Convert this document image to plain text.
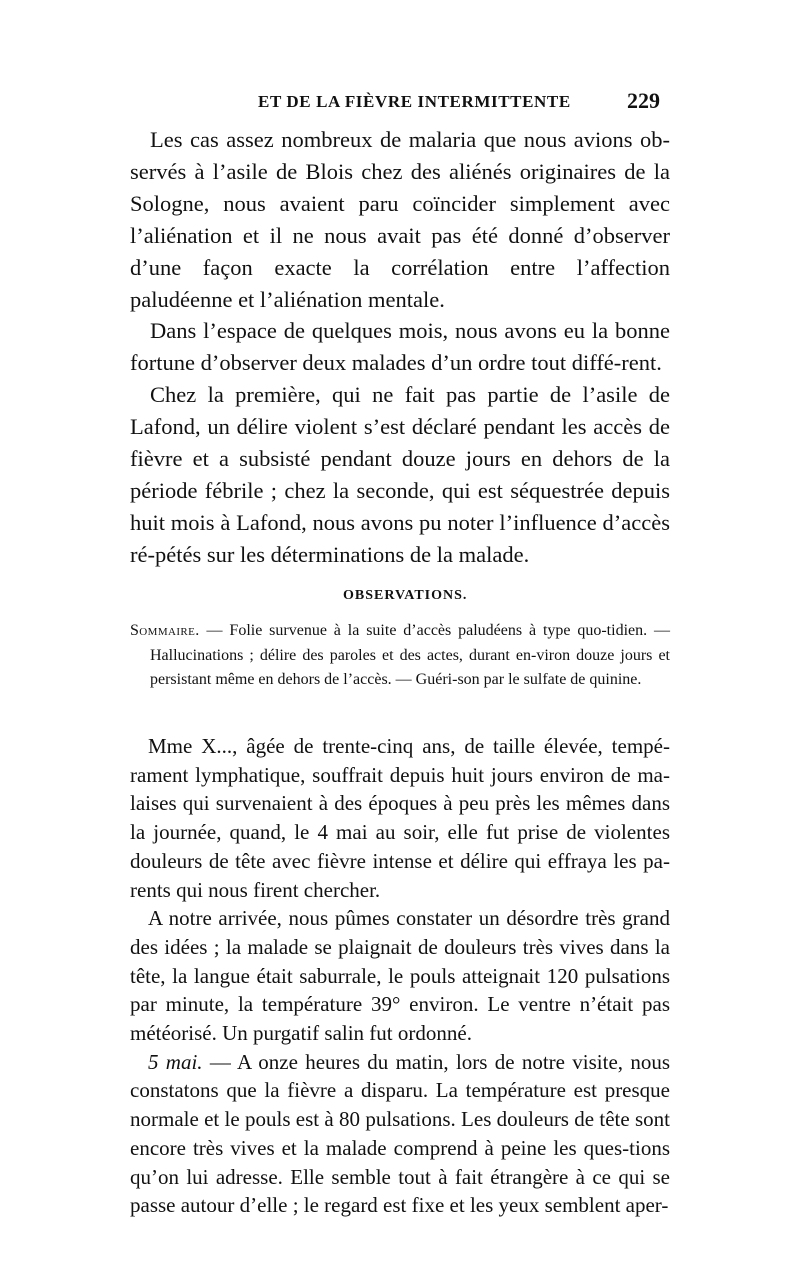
ET DE LA FIÈVRE INTERMITTENTE	229

Les cas assez nombreux de malaria que nous avions ob-servés à l’asile de Blois chez des aliénés originaires de la Sologne, nous avaient paru coïncider simplement avec l’aliénation et il ne nous avait pas été donné d’observer d’une façon exacte la corrélation entre l’affection paludéenne et l’aliénation mentale.

Dans l’espace de quelques mois, nous avons eu la bonne fortune d’observer deux malades d’un ordre tout diffé-rent.

Chez la première, qui ne fait pas partie de l’asile de Lafond, un délire violent s’est déclaré pendant les accès de fièvre et a subsisté pendant douze jours en dehors de la période fébrile ; chez la seconde, qui est séquestrée depuis huit mois à Lafond, nous avons pu noter l’influence d’accès ré-pétés sur les déterminations de la malade.

OBSERVATIONS.

Sommaire. — Folie survenue à la suite d’accès paludéens à type quo-tidien. — Hallucinations ; délire des paroles et des actes, durant en-viron douze jours et persistant même en dehors de l’accès. — Guéri-son par le sulfate de quinine.

Mme X..., âgée de trente-cinq ans, de taille élevée, tempé-rament lymphatique, souffrait depuis huit jours environ de ma-laises qui survenaient à des époques à peu près les mêmes dans la journée, quand, le 4 mai au soir, elle fut prise de violentes douleurs de tête avec fièvre intense et délire qui effraya les pa-rents qui nous firent chercher.

A notre arrivée, nous pûmes constater un désordre très grand des idées ; la malade se plaignait de douleurs très vives dans la tête, la langue était saburrale, le pouls atteignait 120 pulsations par minute, la température 39° environ. Le ventre n’était pas météorisé. Un purgatif salin fut ordonné.

5 mai. — A onze heures du matin, lors de notre visite, nous constatons que la fièvre a disparu. La température est presque normale et le pouls est à 80 pulsations. Les douleurs de tête sont encore très vives et la malade comprend à peine les ques-tions qu’on lui adresse. Elle semble tout à fait étrangère à ce qui se passe autour d’elle ; le regard est fixe et les yeux semblent aper-
